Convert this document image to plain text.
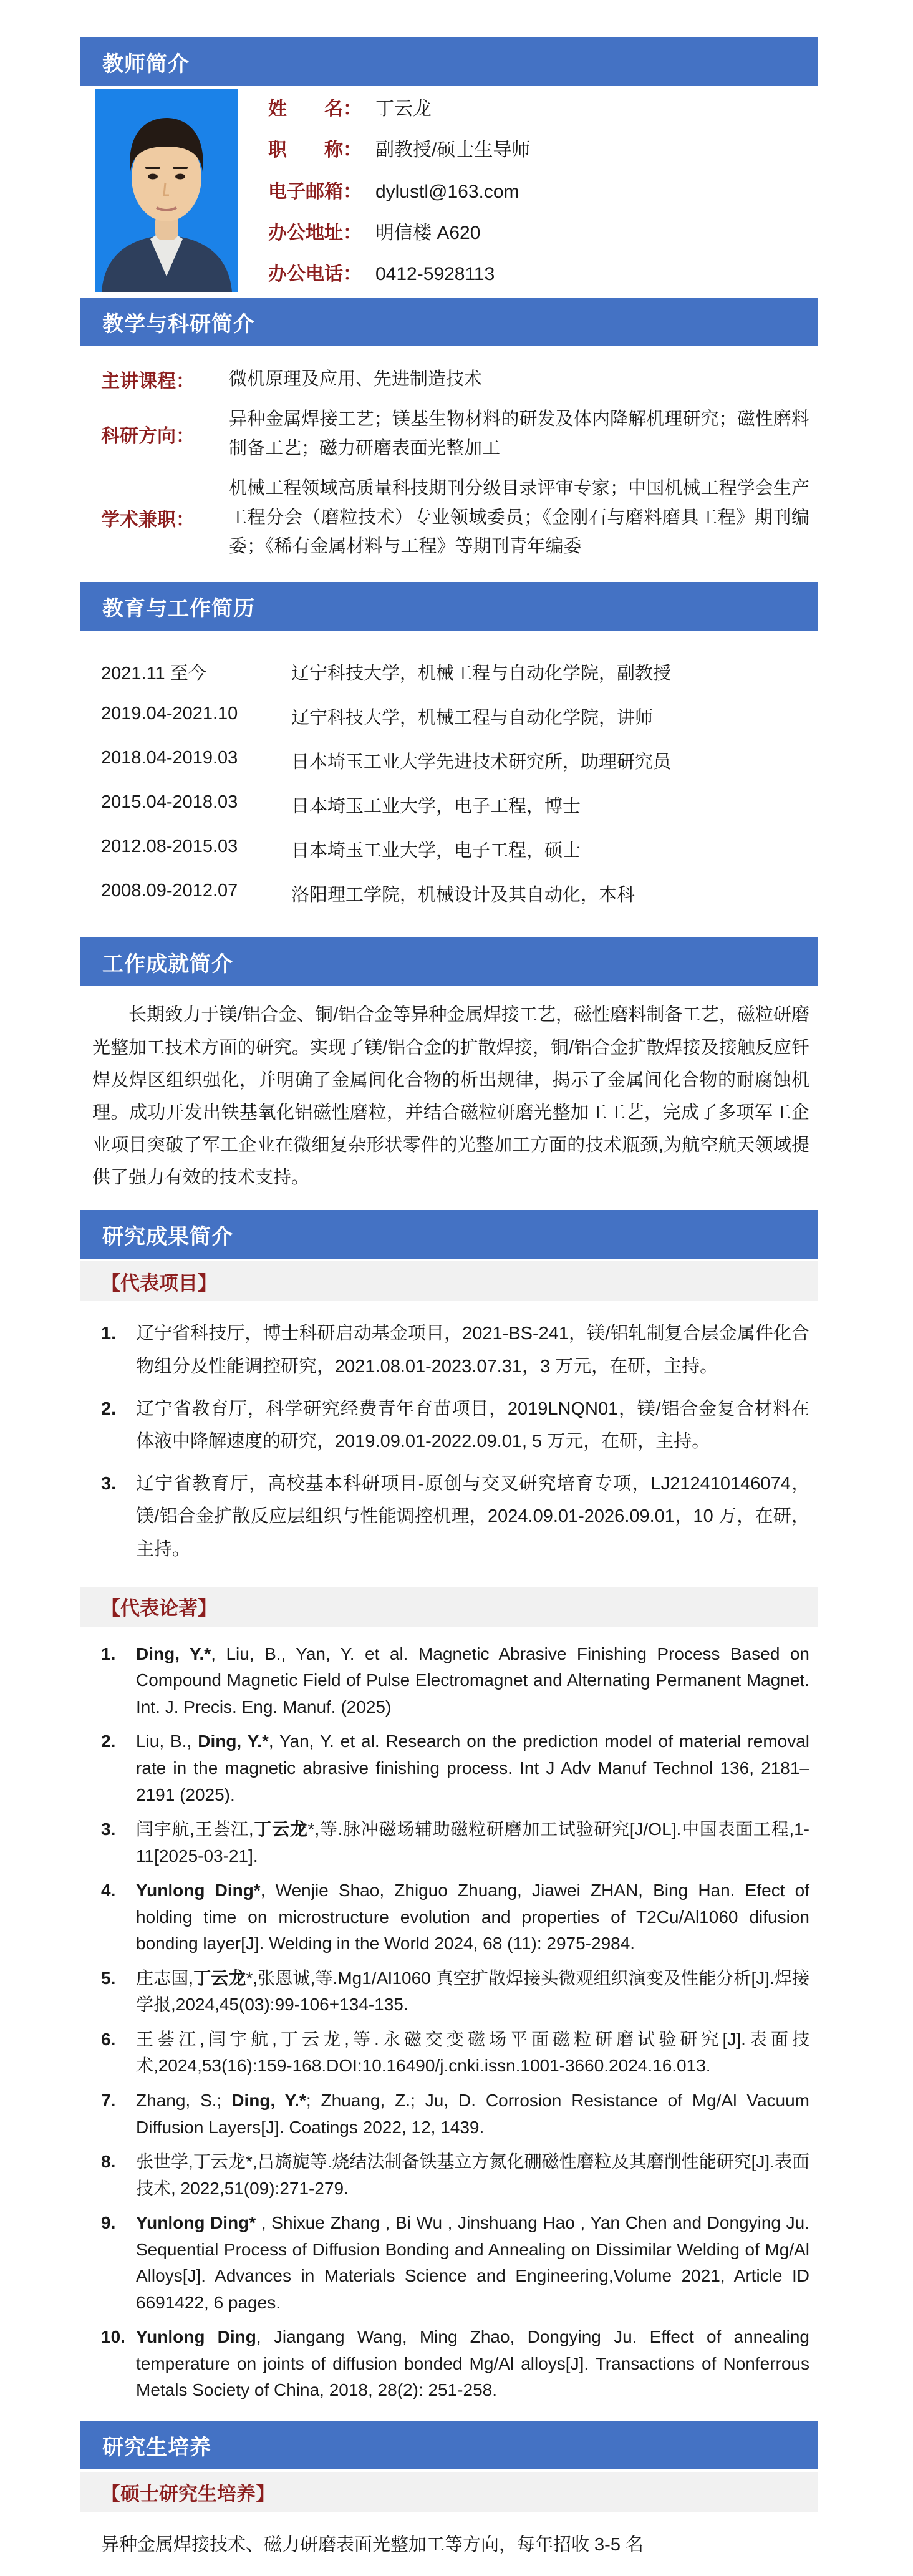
教师简介
姓　　名： 丁云龙
职　　称： 副教授/硕士生导师
电子邮箱： dylustl@163.com
办公地址： 明信楼 A620
办公电话： 0412-5928113
教学与科研简介
主讲课程：	微机原理及应用、先进制造技术
科研方向：
异种金属焊接工艺；镁基生物材料的研发及体内降解机理研究；磁性磨料制备工艺；磁力研磨表面光整加工
学术兼职：
机械工程领域高质量科技期刊分级目录评审专家；中国机械工程学会生产工程分会（磨粒技术）专业领域委员；《金刚石与磨料磨具工程》期刊编委；《稀有金属材料与工程》等期刊青年编委
教育与工作简历
2021.11 至今	辽宁科技大学，机械工程与自动化学院，副教授
2019.04-2021.10	辽宁科技大学，机械工程与自动化学院，讲师
2018.04-2019.03	日本埼玉工业大学先进技术研究所，助理研究员
2015.04-2018.03	日本埼玉工业大学，电子工程，博士
2012.08-2015.03	日本埼玉工业大学，电子工程，硕士
2008.09-2012.07	洛阳理工学院，机械设计及其自动化，本科
工作成就简介

长期致力于镁/铝合金、铜/铝合金等异种金属焊接工艺，磁性磨料制备工艺，磁粒研磨光整加工技术方面的研究。实现了镁/铝合金的扩散焊接，铜/铝合金扩散焊接及接触反应钎焊及焊区组织强化，并明确了金属间化合物的析出规律，揭示了金属间化合物的耐腐蚀机理。成功开发出铁基氧化铝磁性磨粒，并结合磁粒研磨光整加工工艺，完成了多项军工企业项目突破了军工企业在微细复杂形状零件的光整加工方面的技术瓶颈,为航空航天领域提供了强力有效的技术支持。

研究成果简介
【代表项目】
1.	辽宁省科技厅，博士科研启动基金项目，2021-BS-241，镁/铝轧制复合层金属件化合物组分及性能调控研究，2021.08.01-2023.07.31，3 万元，在研，主持。
2.	辽宁省教育厅，科学研究经费青年育苗项目，2019LNQN01，镁/铝合金复合材料在体液中降解速度的研究，2019.09.01-2022.09.01, 5 万元，在研，主持。
3.	辽宁省教育厅，高校基本科研项目-原创与交叉研究培育专项，LJ212410146074，镁/铝合金扩散反应层组织与性能调控机理，2024.09.01-2026.09.01，10 万，在研，主持。
【代表论著】
1.	Ding, Y.*, Liu, B., Yan, Y. et al. Magnetic Abrasive Finishing Process Based on Compound Magnetic Field of Pulse Electromagnet and Alternating Permanent Magnet. Int. J. Precis. Eng. Manuf. (2025)
2.	Liu, B., Ding, Y.*, Yan, Y. et al. Research on the prediction model of material removal rate in the magnetic abrasive finishing process. Int J Adv Manuf Technol 136, 2181–2191 (2025).
3.	闫宇航,王荟江,丁云龙*,等.脉冲磁场辅助磁粒研磨加工试验研究[J/OL].中国表面工程,1-11[2025-03-21].
4.	Yunlong Ding*, Wenjie Shao, Zhiguo Zhuang, Jiawei ZHAN, Bing Han. Efect of holding time on microstructure evolution and properties of T2Cu/Al1060 difusion bonding layer[J]. Welding in the World 2024, 68 (11): 2975-2984.
5.	庄志国,丁云龙*,张恩诚,等.Mg1/Al1060 真空扩散焊接头微观组织演变及性能分析[J].焊接学报,2024,45(03):99-106+134-135.
6.	王荟江,闫宇航,丁云龙,等.永磁交变磁场平面磁粒研磨试验研究[J].表面技术,2024,53(16):159-168.DOI:10.16490/j.cnki.issn.1001-3660.2024.16.013.
7.	Zhang, S.; Ding, Y.*; Zhuang, Z.; Ju, D. Corrosion Resistance of Mg/Al Vacuum Diffusion Layers[J]. Coatings 2022, 12, 1439.
8.	张世学,丁云龙*,吕旖旎等.烧结法制备铁基立方氮化硼磁性磨粒及其磨削性能研究[J].表面技术, 2022,51(09):271-279.
9.	Yunlong Ding* , Shixue Zhang , Bi Wu , Jinshuang Hao , Yan Chen and Dongying Ju. Sequential Process of Diffusion Bonding and Annealing on Dissimilar Welding of Mg/Al Alloys[J]. Advances in Materials Science and Engineering,Volume 2021, Article ID 6691422, 6 pages.
10. Yunlong Ding, Jiangang Wang, Ming Zhao, Dongying Ju. Effect of annealing temperature on joints of diffusion bonded Mg/Al alloys[J]. Transactions of Nonferrous Metals Society of China, 2018, 28(2): 251-258.
研究生培养
【硕士研究生培养】
异种金属焊接技术、磁力研磨表面光整加工等方向，每年招收 3-5 名
